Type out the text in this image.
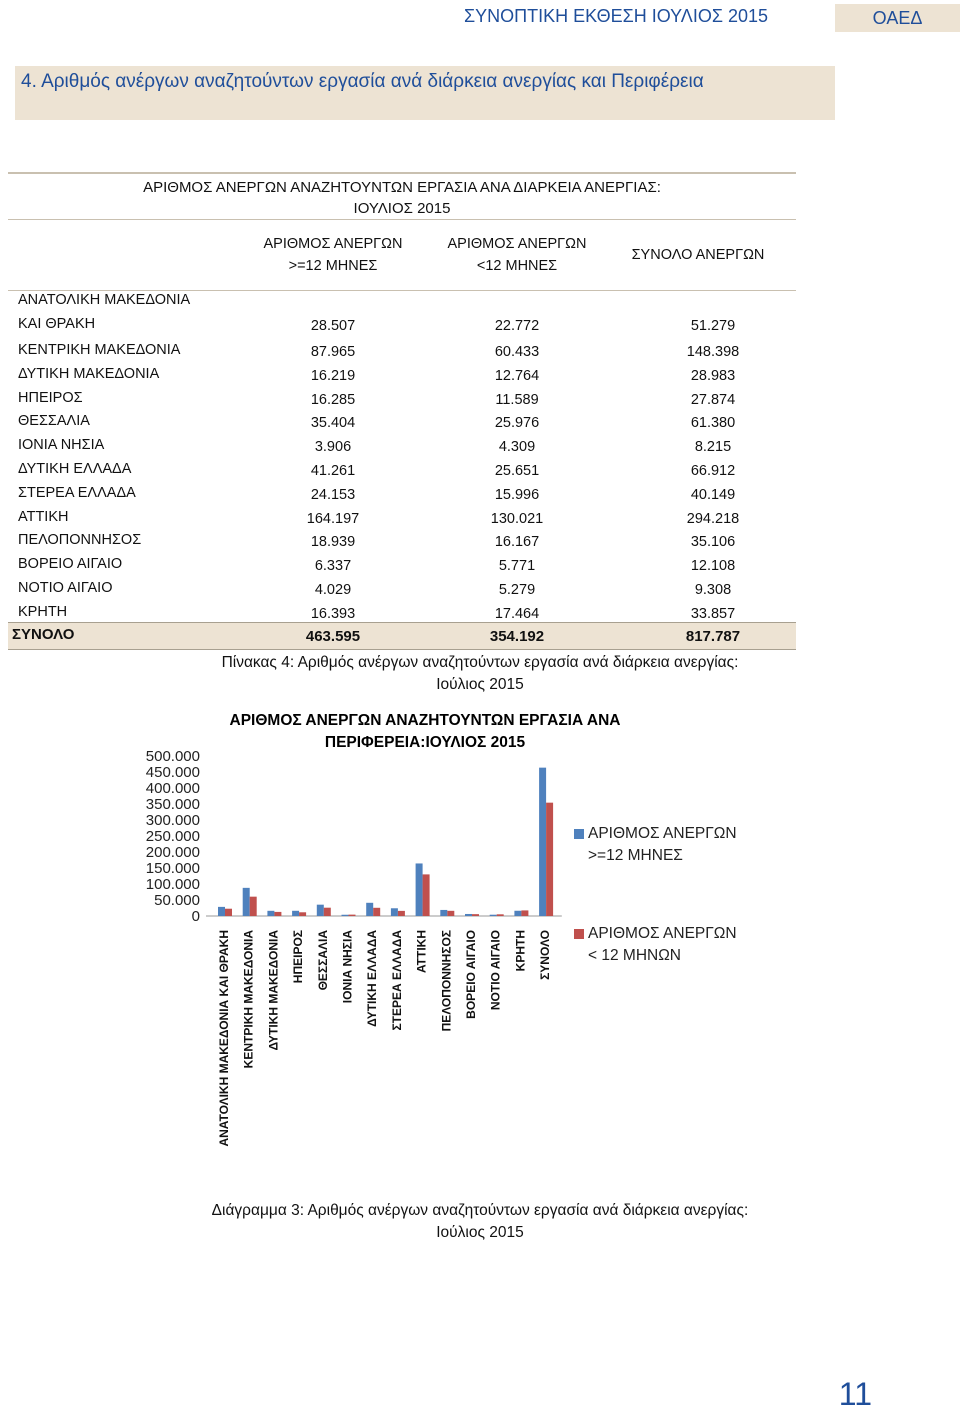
ΣΥΝΟΠΤΙΚΗ ΕΚΘΕΣΗ ΙΟΥΛΙΟΣ 2015	ΟΑΕΔ
4. Αριθμός ανέργων αναζητούντων εργασία ανά διάρκεια ανεργίας και Περιφέρεια
ΑΡΙΘΜΟΣ ΑΝΕΡΓΩΝ ΑΝΑΖΗΤΟΥΝΤΩΝ ΕΡΓΑΣΙΑ ΑΝΑ ΔΙΑΡΚΕΙΑ ΑΝΕΡΓΙΑΣ:
ΙΟΥΛΙΟΣ 2015
ΑΡΙΘΜΟΣ ΑΝΕΡΓΩΝ
>=12 ΜΗΝΕΣ
ΑΡΙΘΜΟΣ ΑΝΕΡΓΩΝ
<12 ΜΗΝΕΣ
ΣΥΝΟΛΟ ΑΝΕΡΓΩΝ
ΑΝΑΤΟΛΙΚΗ ΜΑΚΕΔΟΝΙΑ
ΚΑΙ ΘΡΑΚΗ	28.507	22.772	51.279
ΚΕΝΤΡΙΚΗ ΜΑΚΕΔΟΝΙΑ	87.965	60.433	148.398
ΔΥΤΙΚΗ ΜΑΚΕΔΟΝΙΑ	16.219	12.764	28.983
ΗΠΕΙΡΟΣ	16.285	11.589	27.874
ΘΕΣΣΑΛΙΑ	35.404	25.976	61.380
ΙΟΝΙΑ ΝΗΣΙΑ	3.906	4.309	8.215
ΔΥΤΙΚΗ ΕΛΛΑΔΑ	41.261	25.651	66.912
ΣΤΕΡΕΑ ΕΛΛΑΔΑ	24.153	15.996	40.149
ΑΤΤΙΚΗ	164.197	130.021	294.218
ΠΕΛΟΠΟΝΝΗΣΟΣ	18.939	16.167	35.106
ΒΟΡΕΙΟ ΑΙΓΑΙΟ	6.337	5.771	12.108
ΝΟΤΙΟ ΑΙΓΑΙΟ	4.029	5.279	9.308
ΚΡΗΤΗ	16.393	17.464	33.857
ΣΥΝΟΛΟ	463.595	354.192	817.787
Πίνακας 4: Αριθμός ανέργων αναζητούντων εργασία ανά διάρκεια ανεργίας:
Ιούλιος 2015
ΑΡΙΘΜΟΣ ΑΝΕΡΓΩΝ ΑΝΑΖΗΤΟΥΝΤΩΝ ΕΡΓΑΣΙΑ ΑΝΑ
ΠΕΡΙΦΕΡΕΙΑ:ΙΟΥΛΙΟΣ 2015
0
50.000
100.000
150.000
200.000
250.000
300.000
350.000
400.000
450.000
500.000
ΑΝΑΤΟΛΙΚΗ ΜΑΚΕΔΟΝΙΑ ΚΑΙ ΘΡΑΚΗ ΚΕΝΤΡΙΚΗ ΜΑΚΕΔΟΝΙΑ ΔΥΤΙΚΗ ΜΑΚΕΔΟΝΙΑ ΗΠΕΙΡΟΣ ΘΕΣΣΑΛΙΑ ΙΟΝΙΑ ΝΗΣΙΑ ΔΥΤΙΚΗ ΕΛΛΑΔΑ ΣΤΕΡΕΑ ΕΛΛΑΔΑ ΑΤΤΙΚΗ ΠΕΛΟΠΟΝΝΗΣΟΣ ΒΟΡΕΙΟ ΑΙΓΑΙΟ ΝΟΤΙΟ ΑΙΓΑΙΟ ΚΡΗΤΗ ΣΥΝΟΛΟ
ΑΡΙΘΜΟΣ ΑΝΕΡΓΩΝ
>=12 ΜΗΝΕΣ
ΑΡΙΘΜΟΣ ΑΝΕΡΓΩΝ
< 12 ΜΗΝΩΝ
Διάγραμμα 3: Αριθμός ανέργων αναζητούντων εργασία ανά διάρκεια ανεργίας:
Ιούλιος 2015
11
